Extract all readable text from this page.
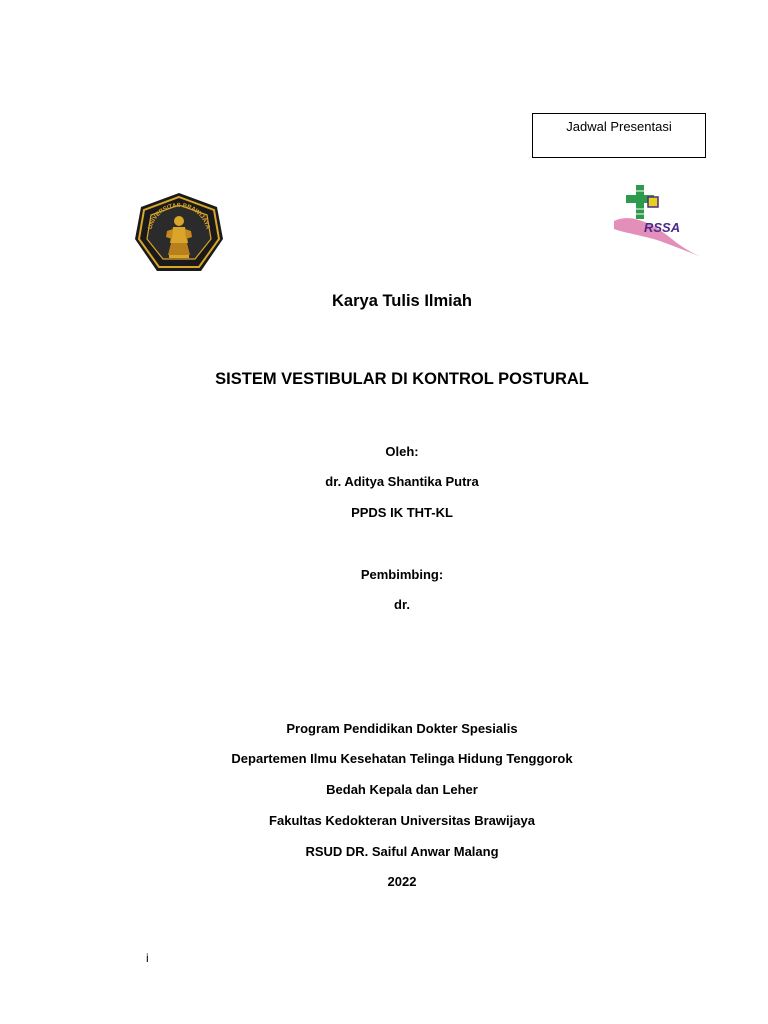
Jadwal Presentasi
UNIVERSITAS BRAWIJAYA	RSSA
Karya Tulis Ilmiah
SISTEM VESTIBULAR DI KONTROL POSTURAL
Oleh:
dr. Aditya Shantika Putra
PPDS IK THT-KL
Pembimbing:
dr.
Program Pendidikan Dokter Spesialis
Departemen Ilmu Kesehatan Telinga Hidung Tenggorok
Bedah Kepala dan Leher
Fakultas Kedokteran Universitas Brawijaya
RSUD DR. Saiful Anwar Malang
2022
i
